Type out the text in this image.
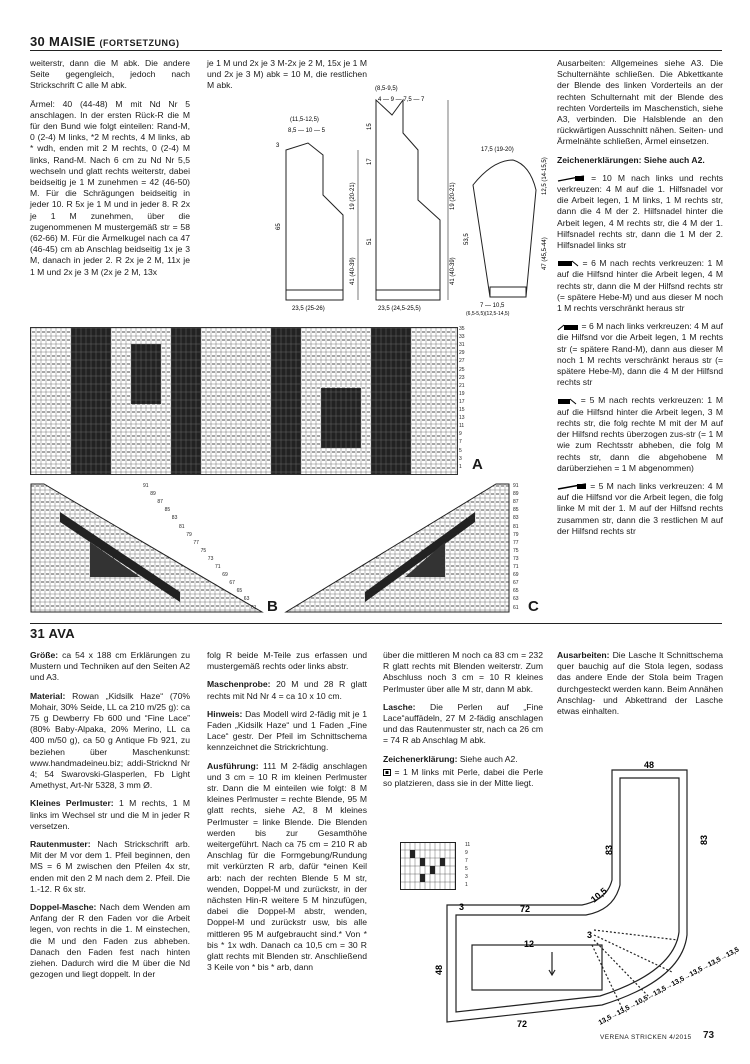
30 MAISIE (FORTSETZUNG)

weiterstr, dann die M abk. Die andere Seite gegengleich, jedoch nach Strickschrift C alle M abk.

Ärmel: 40 (44-48) M mit Nd Nr 5 anschlagen. In der ersten Rück-R die M für den Bund wie folgt einteilen: Rand-M, 0 (2-4) M links, *2 M rechts, 4 M links, ab * wdh, enden mit 2 M rechts, 0 (2-4) M links, Rand-M. Nach 6 cm zu Nd Nr 5,5 wechseln und glatt rechts weiterstr, dabei beidseitig je 1 M zunehmen = 42 (46-50) M. Für die Schrägungen beidseitig in jeder 10. R 5x je 1 M und in jeder 8. R 2x je 1 M zunehmen, über die zugenommenen M mustergemäß str = 58 (62-66) M. Für die Ärmelkugel nach ca 47 (46-45) cm ab Anschlag beidseitig 1x je 3 M, danach in jeder 2. R 2x je 2 M, 11x je 1 M und 2x je 3 M (2x je 2 M, 13x

je 1 M und 2x je 3 M-2x je 2 M, 15x je 1 M und 2x je 3 M) abk = 10 M, die restlichen M abk.

(11,5-12,5)
8,5 — 10 — 5
23,5 (25-26)
3
65
19 (20-21)
41 (40-39)
(8,5-9,5)
4 — 9 — 7,5 — 7
23,5 (24,5-25,5)
15
17
51
19 (20-21)
41 (40-39)
17,5 (19-20)
7 — 10,5
(6,5-5,5)(12,5-14,5)
12,5 (14-15,5)
53,5	47 (45,5-44)

Ausarbeiten: Allgemeines siehe A3. Die Schulternähte schließen. Die Abkettkante der Blende des linken Vorderteils an der rechten Schulternaht mit der Blende des rechten Vorderteils im Maschenstich, siehe A3, verbinden. Die Halsblende an den rückwärtigen Ausschnitt nähen. Seiten- und Ärmelnähte schließen, Ärmel einsetzen.

Zeichenerklärungen: Siehe auch A2.

= 10 M nach links und rechts verkreuzen: 4 M auf die 1. Hilfsnadel vor die Arbeit legen, 1 M links, 1 M rechts str, dann die 4 M der 2. Hilfsnadel hinter die Arbeit legen, 4 M rechts str, die 4 M der 1. Hilfsnadel rechts str, dann die 1 M der 2. Hilfsnadel links str

= 6 M nach rechts verkreuzen: 1 M auf die Hilfsnd hinter die Arbeit legen, 4 M rechts str, dann die M der Hilfsnd rechts str (= spätere Hebe-M) und aus dieser M noch 1 M rechts verschränkt heraus str

= 6 M nach links verkreuzen: 4 M auf die Hilfsnd vor die Arbeit legen, 1 M rechts str (= spätere Rand-M), dann aus dieser M noch 1 M rechts verschränkt heraus str (= spätere Hebe-M), dann die 4 M der Hilfsnd rechts str

= 5 M nach rechts verkreuzen: 1 M auf die Hilfsnd hinter die Arbeit legen, 3 M rechts str, die folg rechte M mit der M auf der Hilfsnd rechts überzogen zus-str (= 1 M wie zum Rechtsstr abheben, die folg M rechts str, dann die abgehobene M darüberziehen = 1 M abgenommen)

= 5 M nach links verkreuzen: 4 M auf die Hilfsnd vor die Arbeit legen, die folg linke M mit der 1. M auf der Hilfsnd rechts zusammen str, dann die 3 restlichen M auf der Hilfsnd rechts str

35
33
31
29
27
25
23
21
19
17
15
13
11
9
7
5
3
1 A
91
89
87
85
83
81
79
77
75
73
71
69
67
65
63
61 B
91
89
87
85
83
81
79
77
75
73
71
69
67
65
63
61 C
31 AVA

Größe: ca 54 x 188 cm Erklärungen zu Mustern und Techniken auf den Seiten A2 und A3.

Material: Rowan „Kidsilk Haze“ (70% Mohair, 30% Seide, LL ca 210 m/25 g): ca 75 g Dewberry Fb 600 und “Fine Lace” (80% Baby-Alpaka, 20% Merino, LL ca 400 m/50 g), ca 50 g Antique Fb 921, zu beziehen über Maschenkunst: www.handmadeineu.biz; addi-Stricknd Nr 4; 54 Swarovski-Glasperlen, Fb Light Amethyst, Art-Nr 5328, 3 mm Ø.

Kleines Perlmuster: 1 M rechts, 1 M links im Wechsel str und die M in jeder R versetzen.

Rautenmuster: Nach Strickschrift arb. Mit der M vor dem 1. Pfeil beginnen, den MS = 6 M zwischen den Pfeilen 4x str, enden mit den 2 M nach dem 2. Pfeil. Die 1.-12. R 6x str.

Doppel-Masche: Nach dem Wenden am Anfang der R den Faden vor die Arbeit legen, von rechts in die 1. M einstechen, die M und den Faden zus abheben. Danach den Faden fest nach hinten ziehen. Dadurch wird die M über die Nd gezogen und liegt doppelt. In der

folg R beide M-Teile zus erfassen und mustergemäß rechts oder links abstr.

Maschenprobe: 20 M und 28 R glatt rechts mit Nd Nr 4 = ca 10 x 10 cm.

Hinweis: Das Modell wird 2-fädig mit je 1 Faden „Kidsilk Haze“ und 1 Faden „Fine Lace“ gestr. Der Pfeil im Schnittschema kennzeichnet die Strickrichtung.

Ausführung: 111 M 2-fädig anschlagen und 3 cm = 10 R im kleinen Perlmuster str. Dann die M einteilen wie folgt: 8 M kleines Perlmuster = rechte Blende, 95 M glatt rechts, siehe A2, 8 M kleines Perlmuster = linke Blende. Die Blenden werden bis zur Gesamthöhe weitergeführt. Nach ca 75 cm = 210 R ab Anschlag für die Formgebung/Rundung mit verkürzten R arb, dafür *einen Keil arb: nach der rechten Blende 5 M str, wenden, Doppel-M und zurückstr, in der nächsten Hin-R weitere 5 M hinzufügen, dabei die Doppel-M abstr, wenden, Doppel-M und zurückstr usw, bis alle mittleren 95 M aufgebraucht sind.* Von * bis * 1x wdh. Danach ca 10,5 cm = 30 R glatt rechts mit Blenden str. Anschließend 3 Keile von * bis * arb, dann

über die mittleren M noch ca 83 cm = 232 R glatt rechts mit Blenden weiterstr. Zum Abschluss noch 3 cm = 10 R kleines Perlmuster über alle M str, dann M abk.

Lasche: Die Perlen auf „Fine Lace“auffädeln, 27 M 2-fädig anschlagen und das Rautenmuster str, nach ca 26 cm = 74 R ab Anschlag M abk.

Zeichenerklärung: Siehe auch A2.

= 1 M links mit Perle, dabei die Perle so platzieren, dass sie in der Mitte liegt.

11
9
7
5
3
1

Ausarbeiten: Die Lasche lt Schnittschema quer bauchig auf die Stola legen, sodass das andere Ende der Stola beim Tragen durchgesteckt werden kann. Beim Annähen Anschlag- und Abkettrand der Lasche etwas einhalten.

48
83
83
10,5
72
12
3
48
3
72	13,5→13,5→10,5→13,5→13,5→13,5→13,5→13,5
VERENA STRICKEN 4/2015 73
